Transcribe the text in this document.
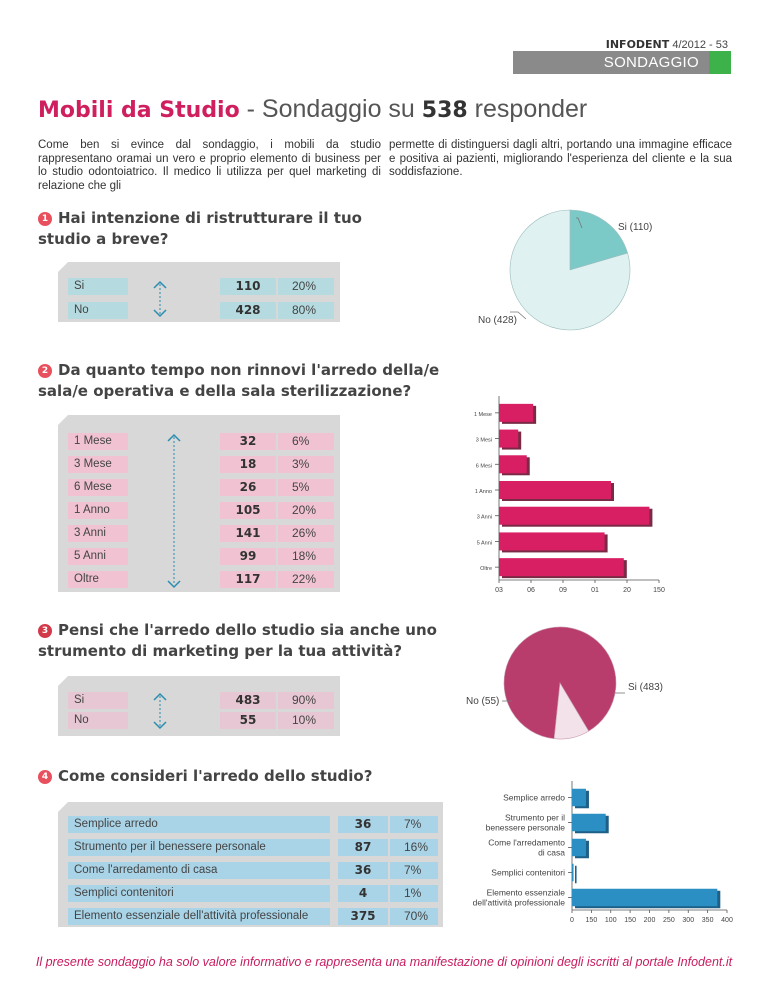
INFODENT 4/2012 - 53
SONDAGGIO
Mobili da Studio - Sondaggio su 538 responder
Come ben si evince dal sondaggio, i mobili da studio rappresentano oramai un vero e proprio elemento di business per lo studio odontoiatrico. Il medico li utilizza per quel marketing di relazione che gli
permette di distinguersi dagli altri, portando una immagine efficace e positiva ai pazienti, migliorando l'esperienza del cliente e la sua soddisfazione.
1 Hai intenzione di ristrutturare il tuo
studio a breve?
Si	110	20%
No	428	80%
Si (110)
No (428)
2 Da quanto tempo non rinnovi l'arredo della/e
sala/e operativa e della sala sterilizzazione?
1 Mese	32	6%
3 Mese	18	3%
6 Mese	26	5%
1 Anno	105	20%
3 Anni	141	26%
5 Anni	99	18%
Oltre	117	22%
1 Mese
3 Mesi
6 Mesi
1 Anno
3 Anni
5 Anni
Oltre
03	06	09	01	20	150
3 Pensi che l'arredo dello studio sia anche uno
strumento di marketing per la tua attività?
Si	483	90%
No	55	10%
Si (483)
No (55)
4 Come consideri l'arredo dello studio?
Semplice arredo	36	7%
Strumento per il benessere personale	87	16%
Come l'arredamento di casa	36	7%
Semplici contenitori	4	1%
Elemento essenziale dell'attività professionale	375	70%
Semplice arredo
Strumento per il
benessere personale
Come l'arredamento
di casa
Semplici contenitori
Elemento essenziale
dell'attività professionale
0 150 100 150 200 250 300 350 400
Il presente sondaggio ha solo valore informativo e rappresenta una manifestazione di opinioni degli iscritti al portale Infodent.it
